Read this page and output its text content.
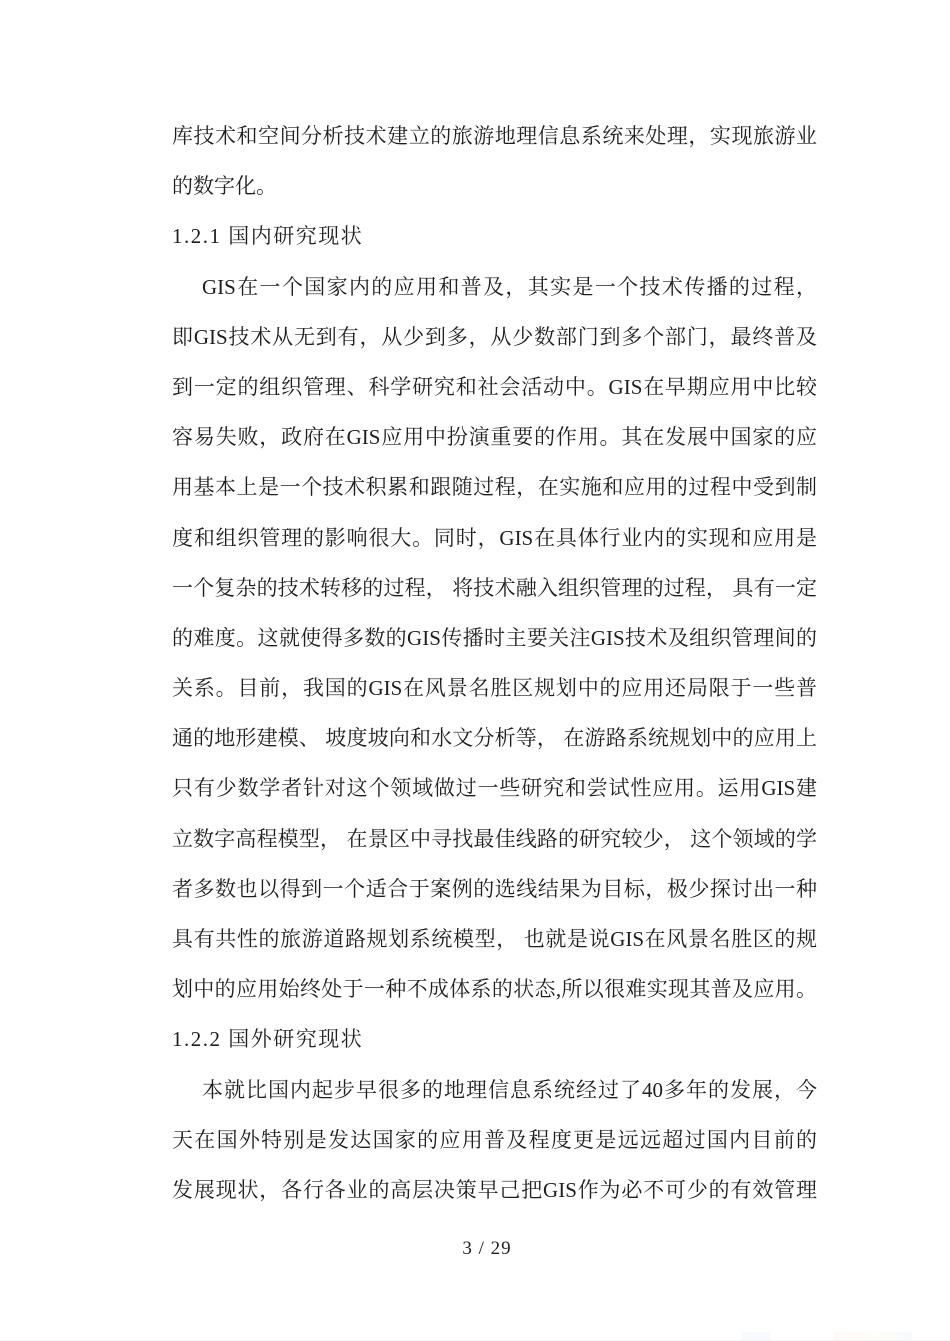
库技术和空间分析技术建立的旅游地理信息系统来处理，实现旅游业
的数字化。
1.2.1 国内研究现状
GIS在一个国家内的应用和普及，其实是一个技术传播的过程，
即GIS技术从无到有，从少到多，从少数部门到多个部门，最终普及
到一定的组织管理、科学研究和社会活动中。GIS在早期应用中比较
容易失败，政府在GIS应用中扮演重要的作用。其在发展中国家的应
用基本上是一个技术积累和跟随过程，在实施和应用的过程中受到制
度和组织管理的影响很大。同时，GIS在具体行业内的实现和应用是
一个复杂的技术转移的过程， 将技术融入组织管理的过程， 具有一定
的难度。这就使得多数的GIS传播时主要关注GIS技术及组织管理间的
关系。目前，我国的GIS在风景名胜区规划中的应用还局限于一些普
通的地形建模、 坡度坡向和水文分析等， 在游路系统规划中的应用上
只有少数学者针对这个领域做过一些研究和尝试性应用。运用GIS建
立数字高程模型， 在景区中寻找最佳线路的研究较少， 这个领域的学
者多数也以得到一个适合于案例的选线结果为目标，极少探讨出一种
具有共性的旅游道路规划系统模型， 也就是说GIS在风景名胜区的规
划中的应用始终处于一种不成体系的状态,所以很难实现其普及应用。
1.2.2 国外研究现状
本就比国内起步早很多的地理信息系统经过了40多年的发展，今
天在国外特别是发达国家的应用普及程度更是远远超过国内目前的
发展现状，各行各业的高层决策早己把GIS作为必不可少的有效管理
3 / 29
